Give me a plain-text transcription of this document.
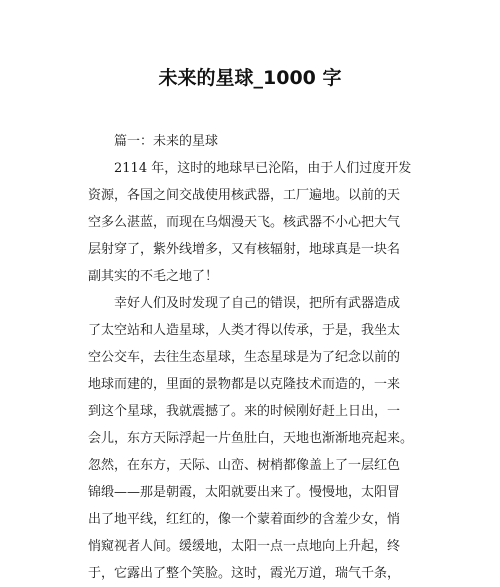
未来的星球_1000 字

篇一：未来的星球

2114 年，这时的地球早已沦陷，由于人们过度开发
资源，各国之间交战使用核武器，工厂遍地。以前的天
空多么湛蓝，而现在乌烟漫天飞。核武器不小心把大气
层射穿了，紫外线增多，又有核辐射，地球真是一块名
副其实的不毛之地了！

幸好人们及时发现了自己的错误，把所有武器造成
了太空站和人造星球，人类才得以传承，于是，我坐太
空公交车，去往生态星球，生态星球是为了纪念以前的
地球而建的，里面的景物都是以克隆技术而造的，一来
到这个星球，我就震撼了。来的时候刚好赶上日出，一
会儿，东方天际浮起一片鱼肚白，天地也渐渐地亮起来。
忽然，在东方，天际、山峦、树梢都像盖上了一层红色
锦缎——那是朝霞，太阳就要出来了。慢慢地，太阳冒
出了地平线，红红的，像一个蒙着面纱的含羞少女，悄
悄窥视者人间。缓缓地，太阳一点一点地向上升起，终
于，它露出了整个笑脸。这时，霞光万道，瑞气千条，
